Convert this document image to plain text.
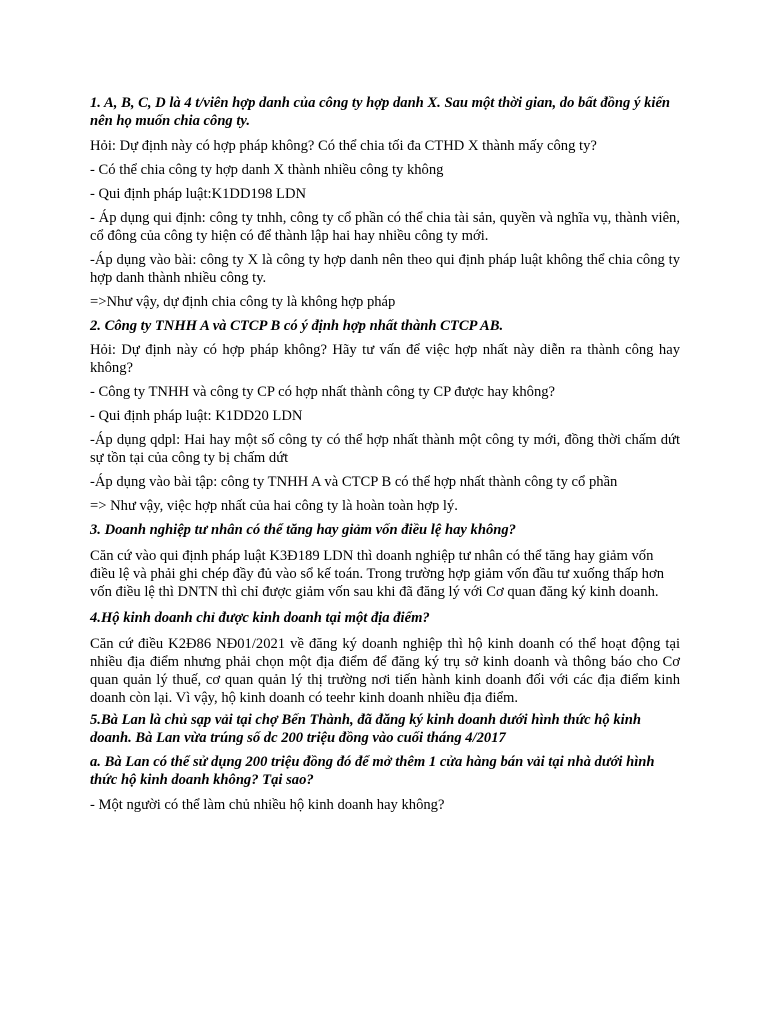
1. A, B, C, D là 4 t/viên hợp danh của công ty hợp danh X. Sau một thời gian, do bất đồng ý kiến nên họ muốn chia công ty.

Hỏi: Dự định này có hợp pháp không? Có thể chia tối đa CTHD X thành mấy công ty?

- Có thể chia công ty hợp danh X thành nhiều công ty không

- Qui định pháp luật:K1DD198 LDN

- Áp dụng qui định: công ty tnhh, công ty cổ phần có thể chia tài sản, quyền và nghĩa vụ, thành viên, cổ đông của công ty hiện có để thành lập hai hay nhiều công ty mới.

-Áp dụng vào bài: công ty X là công ty hợp danh nên theo qui định pháp luật không thể chia công ty hợp danh thành nhiều công ty.

=>Như vậy, dự định chia công ty là không hợp pháp

2. Công ty TNHH A và CTCP B có ý định hợp nhất thành CTCP AB.

Hỏi: Dự định này có hợp pháp không? Hãy tư vấn để việc hợp nhất này diễn ra thành công hay không?

- Công ty TNHH và công ty CP có hợp nhất thành công ty CP được hay không?

- Qui định pháp luật: K1DD20 LDN

-Áp dụng qdpl: Hai hay một số công ty có thể hợp nhất thành một công ty mới, đồng thời chấm dứt sự tồn tại của công ty bị chấm dứt

-Áp dụng vào bài tập: công ty TNHH A và CTCP B có thể hợp nhất thành công ty cổ phần

=> Như vậy, việc hợp nhất của hai công ty là hoàn toàn hợp lý.

3. Doanh nghiệp tư nhân có thể tăng hay giảm vốn điều lệ hay không?

Căn cứ vào qui định pháp luật K3Đ189 LDN thì doanh nghiệp tư nhân có thể tăng hay giảm vốn điều lệ và phải ghi chép đầy đủ vào sổ kế toán. Trong trường hợp giảm vốn đầu tư xuống thấp hơn vốn điều lệ thì DNTN thì chỉ được giảm vốn sau khi đã đăng lý với Cơ quan đăng ký kinh doanh.

4.Hộ kinh doanh chỉ được kinh doanh tại một địa điểm?

Căn cứ điều K2Đ86 NĐ01/2021 về đăng ký doanh nghiệp thì hộ kinh doanh có thể hoạt động tại nhiều địa điểm nhưng phải chọn một địa điểm để đăng ký trụ sở kinh doanh và thông báo cho Cơ quan quản lý thuế, cơ quan quản lý thị trường nơi tiến hành kinh doanh đối với các địa điểm kinh doanh còn lại. Vì vậy, hộ kinh doanh có teehr kinh doanh nhiều địa điểm.

5.Bà Lan là chủ sạp vải tại chợ Bến Thành, đã đăng ký kinh doanh dưới hình thức hộ kinh doanh. Bà Lan vừa trúng số dc 200 triệu đồng vào cuối tháng 4/2017

a. Bà Lan có thể sử dụng 200 triệu đồng đó để mở thêm 1 cửa hàng bán vải tại nhà dưới hình thức hộ kinh doanh không? Tại sao?

- Một người có thể làm chủ nhiều hộ kinh doanh hay không?
